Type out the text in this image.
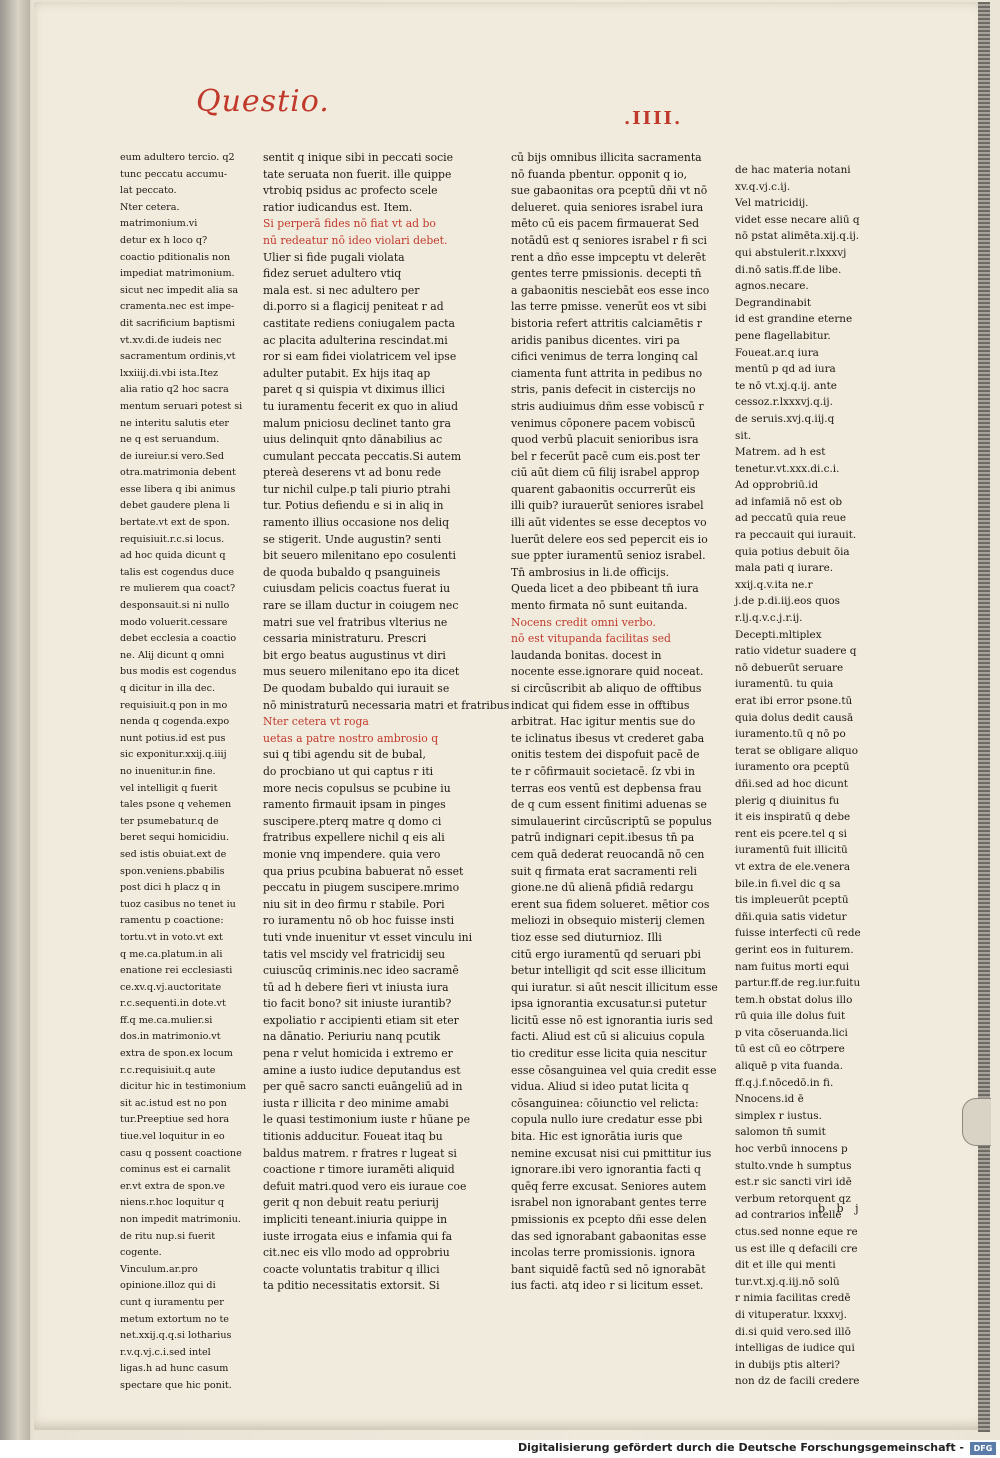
Questio.	.IIII.
eum adultero tercio. q2
tunc peccatu accumu-
lat peccato.
Nter cetera.
matrimonium.vi
detur ex h loco q?
coactio pditionalis non
impediat matrimonium.
sicut nec impedit alia sa
cramenta.nec est impe-
dit sacrificium baptismi
vt.xv.di.de iudeis nec
sacramentum ordinis,vt
lxxiiij.di.vbi ista.Itez
alia ratio q2 hoc sacra
mentum seruari potest si
ne interitu salutis eter
ne q est seruandum.
de iureiur.si vero.Sed
otra.matrimonia debent
esse libera q ibi animus
debet gaudere plena li
bertate.vt ext de spon.
requisiuit.r.c.si locus.
ad hoc quida dicunt q
talis est cogendus duce
re mulierem qua coact?
desponsauit.si ni nullo
modo voluerit.cessare
debet ecclesia a coactio
ne. Alij dicunt q omni
bus modis est cogendus
q dicitur in illa dec.
requisiuit.q pon in mo
nenda q cogenda.expo
nunt potius.id est pus
sic exponitur.xxij.q.iiij
no inuenitur.in fine.
vel intelligit q fuerit
tales psone q vehemen
ter psumebatur.q de
beret sequi homicidiu.
sed istis obuiat.ext de
spon.veniens.pbabilis
post dici h placz q in
tuoz casibus no tenet iu
ramentu p coactione:
tortu.vt in voto.vt ext
q me.ca.platum.in ali
enatione rei ecclesiasti
ce.xv.q.vj.auctoritate
r.c.sequenti.in dote.vt
ff.q me.ca.mulier.si
dos.in matrimonio.vt
extra de spon.ex locum
r.c.requisiuit.q aute
dicitur hic in testimonium
sit ac.istud est no pon
tur.Preeptiue sed hora
tiue.vel loquitur in eo
casu q possent coactione
cominus est ei carnalit
er.vt extra de spon.ve
niens.r.hoc loquitur q
non impedit matrimoniu.
de ritu nup.si fuerit
cogente.
Vinculum.ar.pro
opinione.illoz qui di
cunt q iuramentu per
metum extortum no te
net.xxij.q.q.si lotharius
r.v.q.vj.c.i.sed intel
ligas.h ad hunc casum
spectare que hic ponit.
sentit q inique sibi in peccati socie
tate seruata non fuerit. ille quippe
vtrobiq psidus ac profecto scele
ratior iudicandus est. Item.
Si perperā fides nō fiat vt ad bo
nū redeatur nō ideo violari debet.
Ulier si fide pugali violata
fidez seruet adultero vtiq
mala est. si nec adultero per
di.porro si a flagicij peniteat r ad
castitate rediens coniugalem pacta
ac placita adulterina rescindat.mi
ror si eam fidei violatricem vel ipse
adulter putabit. Ex hijs itaq ap
paret q si quispia vt diximus illici
tu iuramentu fecerit ex quo in aliud
malum pniciosu declinet tanto gra
uius delinquit qnto dānabilius ac
cumulant peccata peccatis.Si autem
ptereà deserens vt ad bonu rede
tur nichil culpe.p tali piurio ptrahi
tur. Potius defiendu e si in aliq in
ramento illius occasione nos deliq
se stigerit. Unde augustin? senti
bit seuero milenitano epo cosulenti
de quoda bubaldo q psanguineis
cuiusdam pelicis coactus fuerat iu
rare se illam ductur in coiugem nec
matri sue vel fratribus vlterius ne
cessaria ministraturu. Prescri
bit ergo beatus augustinus vt diri
mus seuero milenitano epo ita dicet
De quodam bubaldo qui iurauit se
nō ministraturū necessaria matri et fratribus
Nter cetera vt roga
uetas a patre nostro ambrosio q
sui q tibi agendu sit de bubal,
do procbiano ut qui captus r iti
more necis copulsus se pcubine iu
ramento firmauit ipsam in pinges
suscipere.pterq matre q domo ci
fratribus expellere nichil q eis ali
monie vnq impendere. quia vero
qua prius pcubina babuerat nō esset
peccatu in piugem suscipere.mrimo
niu sit in deo firmu r stabile. Pori
ro iuramentu nō ob hoc fuisse insti
tuti vnde inuenitur vt esset vinculu ini
tatis vel mscidy vel fratricidij seu
cuiuscūq criminis.nec ideo sacramē
tū ad h debere fieri vt iniusta iura
tio facit bono? sit iniuste iurantib?
expoliatio r accipienti etiam sit eter
na dānatio. Periuriu nanq pcutik
pena r velut homicida i extremo er
amine a iusto iudice deputandus est
per quē sacro sancti euāngeliū ad in
iusta r illicita r deo minime amabi
le quasi testimonium iuste r hūane pe
titionis adducitur. Foueat itaq bu
baldus matrem. r fratres r lugeat si
coactione r timore iuramēti aliquid
defuit matri.quod vero eis iuraue coe
gerit q non debuit reatu periurij
impliciti teneant.iniuria quippe in
iuste irrogata eius e infamia qui fa
cit.nec eis vllo modo ad opprobriu
coacte voluntatis trabitur q illici
ta pditio necessitatis extorsit. Si
cū bijs omnibus illicita sacramenta
nō fuanda pbentur. opponit q io,
sue gabaonitas ora pceptū dñi vt nō
delueret. quia seniores israbel iura
mēto cū eis pacem firmauerat Sed
notādū est q seniores israbel r fi sci
rent a dño esse impceptu vt delerēt
gentes terre pmissionis. decepti tn̄
a gabaonitis nesciebāt eos esse inco
las terre pmisse. venerūt eos vt sibi
bistoria refert attritis calciamētis r
aridis panibus dicentes. viri pa
cifici venimus de terra longinq cal
ciamenta funt attrita in pedibus no
stris, panis defecit in cistercijs no
stris audiuimus dñm esse vobiscū r
venimus cōponere pacem vobiscū
quod verbū placuit senioribus isra
bel r fecerūt pacē cum eis.post ter
ciū aūt diem cū filij israbel approp
quarent gabaonitis occurrerūt eis
illi quib? iurauerūt seniores israbel
illi aūt videntes se esse deceptos vo
luerūt delere eos sed pepercit eis io
sue ppter iuramentū senioz israbel.
Tn̄ ambrosius in li.de officijs.
Queda licet a deo pbibeant tn̄ iura
mento firmata nō sunt euitanda.
Nocens credit omni verbo.
nō est vitupanda facilitas sed
laudanda bonitas. docest in
nocente esse.ignorare quid noceat.
si circūscribit ab aliquo de offtibus
indicat qui fidem esse in offtibus
arbitrat. Hac igitur mentis sue do
te iclinatus ibesus vt crederet gaba
onitis testem dei dispofuit pacē de
te r cōfirmauit societacē. ſz vbi in
terras eos ventū est depbensa frau
de q cum essent finitimi aduenas se
simulauerint circūscriptū se populus
patrū indignari cepit.ibesus tn̄ pa
cem quā dederat reuocandā nō cen
suit q firmata erat sacramenti reli
gione.ne dū alienā pfidiā redargu
erent sua fidem solueret. mētior cos
meliozi in obsequio misterij clemen
tioz esse sed diuturnioz. Illi
citū ergo iuramentū qd seruari pbi
betur intelligit qd scit esse illicitum
qui iuratur. si aūt nescit illicitum esse
ipsa ignorantia excusatur.si putetur
licitū esse nō est ignorantia iuris sed
facti. Aliud est cū si alicuius copula
tio creditur esse licita quia nescitur
esse cōsanguinea vel quia credit esse
vidua. Aliud si ideo putat licita q
cōsanguinea: cōiunctio vel relicta:
copula nullo iure credatur esse pbi
bita. Hic est ignorātia iuris que
nemine excusat nisi cui pmittitur ius
ignorare.ibi vero ignorantia facti q
quēq ferre excusat. Seniores autem
israbel non ignorabant gentes terre
pmissionis ex pcepto dñi esse delen
das sed ignorabant gabaonitas esse
incolas terre promissionis. ignora
bant siquidē factū sed nō ignorabāt
ius facti. atq ideo r si licitum esset.
de hac materia notani
xv.q.vj.c.ij.
Vel matricidij.
videt esse necare aliū q
nō pstat alimēta.xij.q.ij.
qui abstulerit.r.lxxxvj
di.nō satis.ff.de libe.
agnos.necare.
Degrandinabit
id est grandine eterne
pene flagellabitur.
Foueat.ar.q iura
mentū p qd ad iura
te nō vt.xj.q.ij. ante
cessoz.r.lxxxvj.q.ij.
de seruis.xvj.q.iij.q
sit.
Matrem. ad h est
tenetur.vt.xxx.di.c.i.
Ad opprobriū.id
ad infamiā nō est ob
ad peccatū quia reue
ra peccauit qui iurauit.
quia potius debuit ōia
mala pati q iurare.
xxij.q.v.ita ne.r
j.de p.di.iij.eos quos
r.lj.q.v.c.j.r.ij.
Decepti.mltiplex
ratio videtur suadere q
nō debuerūt seruare
iuramentū. tu quia
erat ibi error psone.tū
quia dolus dedit causā
iuramento.tū q nō po
terat se obligare aliquo
iuramento ora pceptū
dñi.sed ad hoc dicunt
plerig q diuinitus fu
it eis inspiratū q debe
rent eis pcere.tel q si
iuramentū fuit illicitū
vt extra de ele.venera
bile.in fi.vel dic q sa
tis impleuerūt pceptū
dñi.quia satis videtur
fuisse interfecti cū rede
gerint eos in fuiturem.
nam fuitus morti equi
partur.ff.de reg.iur.fuitu
tem.h obstat dolus illo
rū quia ille dolus fuit
p vita cōseruanda.lici
tū est cū eo cōtrpere
aliquē p vita fuanda.
ff.q.j.f.nōcedō.in fi.
Nnocens.id ē
simplex r iustus.
salomon tn̄ sumit
hoc verbū innocens p
stulto.vnde h sumptus
est.r sic sancti viri idē
verbum retorquent qz
ad contrarios intelle
ctus.sed nonne eque re
us est ille q defacili cre
dit et ille qui menti
tur.vt.xj.q.iij.nō solū
r nimia facilitas credē
di vituperatur. lxxxvj.
di.si quid vero.sed illō
intelligas de iudice qui
in dubijs ptis alteri?
non dz de facili credere
b b j
Digitalisierung gefördert durch die Deutsche Forschungsgemeinschaft -	DFG
